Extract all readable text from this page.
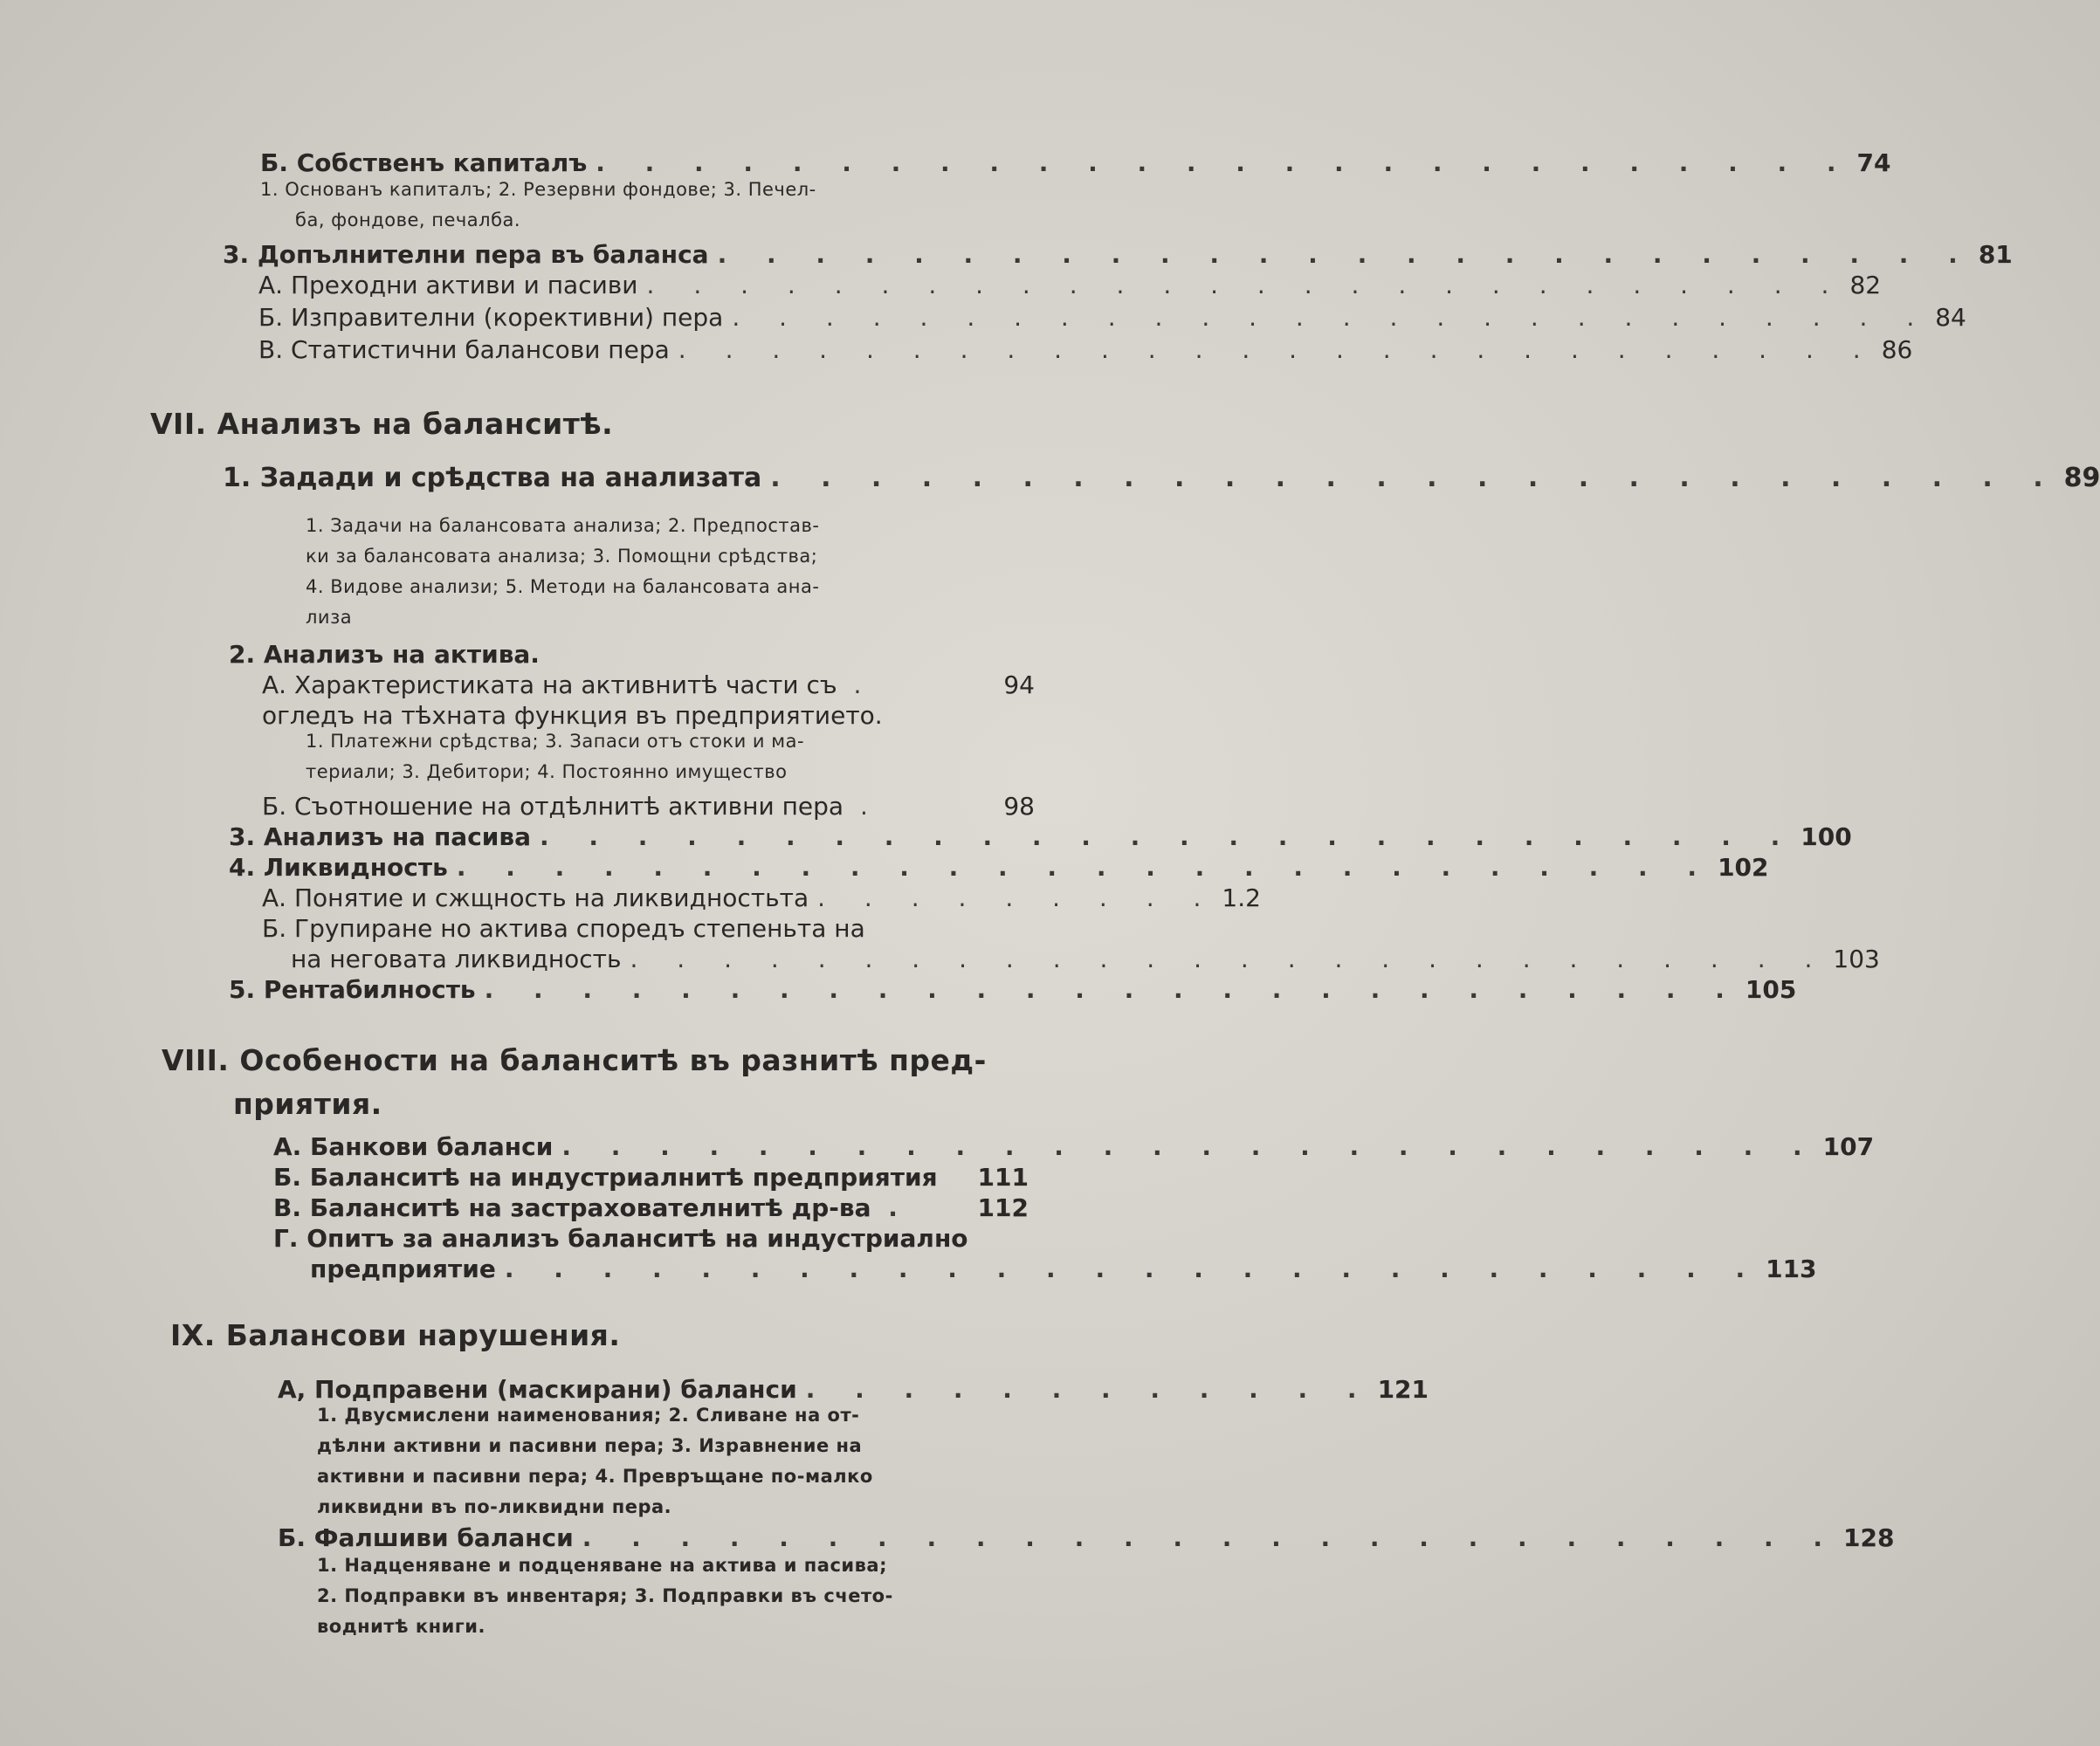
Б. Собственъ капиталъ . . . . . . . . . . . . . . . . . . . . . . . . . . 74
1. Основанъ капиталъ; 2. Резервни фондове; 3. Печел-
ба, фондове, печалба.
3. Допълнителни пера въ баланса . . . . . . . . . . . . . . . . . . . . . . . . . . 81
А. Преходни активи и пасиви . . . . . . . . . . . . . . . . . . . . . . . . . . 82
Б. Изправителни (корективни) пера . . . . . . . . . . . . . . . . . . . . . . . . . . 84
В. Статистични балансови пера . . . . . . . . . . . . . . . . . . . . . . . . . . 86
VII. Анализъ на баланситѣ.
1. Задади и срѣдства на анализата . . . . . . . . . . . . . . . . . . . . . . . . . . 89
1. Задачи на балансовата анализа; 2. Предпостав-
ки за балансовата анализа; 3. Помощни срѣдства;
4. Видове анализи; 5. Методи на балансовата ана-
лиза
2. Анализъ на актива.
А. Характеристиката на активнитѣ части съ .	94
огледъ на тѣхната функция въ предприятието.
1. Платежни срѣдства; 3. Запаси отъ стоки и ма-
териали; 3. Дебитори; 4. Постоянно имущество
Б. Съотношение на отдѣлнитѣ активни пера .	98
3. Анализъ на пасива . . . . . . . . . . . . . . . . . . . . . . . . . . 100
4. Ликвидность . . . . . . . . . . . . . . . . . . . . . . . . . . 102
А. Понятие и сжщность на ликвидностьта . . . . . . . . . 1.2
Б. Групиране но актива споредъ степеньта на
на неговата ликвидность . . . . . . . . . . . . . . . . . . . . . . . . . . 103
5. Рентабилность . . . . . . . . . . . . . . . . . . . . . . . . . . 105
VIII. Особености на баланситѣ въ разнитѣ пред-
приятия.
А. Банкови баланси . . . . . . . . . . . . . . . . . . . . . . . . . . 107
Б. Баланситѣ на индустриалнитѣ предприятия 111
В. Баланситѣ на застрахователнитѣ др-ва .	112
Г. Опитъ за анализъ баланситѣ на индустриално
предприятие . . . . . . . . . . . . . . . . . . . . . . . . . . 113
IX. Балансови нарушения.
А, Подправени (маскирани) баланси . . . . . . . . . . . . 121
1. Двусмислени наименования; 2. Сливане на от-
дѣлни активни и пасивни пера; 3. Изравнение на
активни и пасивни пера; 4. Превръщане по-малко
ликвидни въ по-ликвидни пера.
Б. Фалшиви баланси . . . . . . . . . . . . . . . . . . . . . . . . . . 128
1. Надценяване и подценяване на актива и пасива;
2. Подправки въ инвентаря; 3. Подправки въ счето-
воднитѣ книги.
